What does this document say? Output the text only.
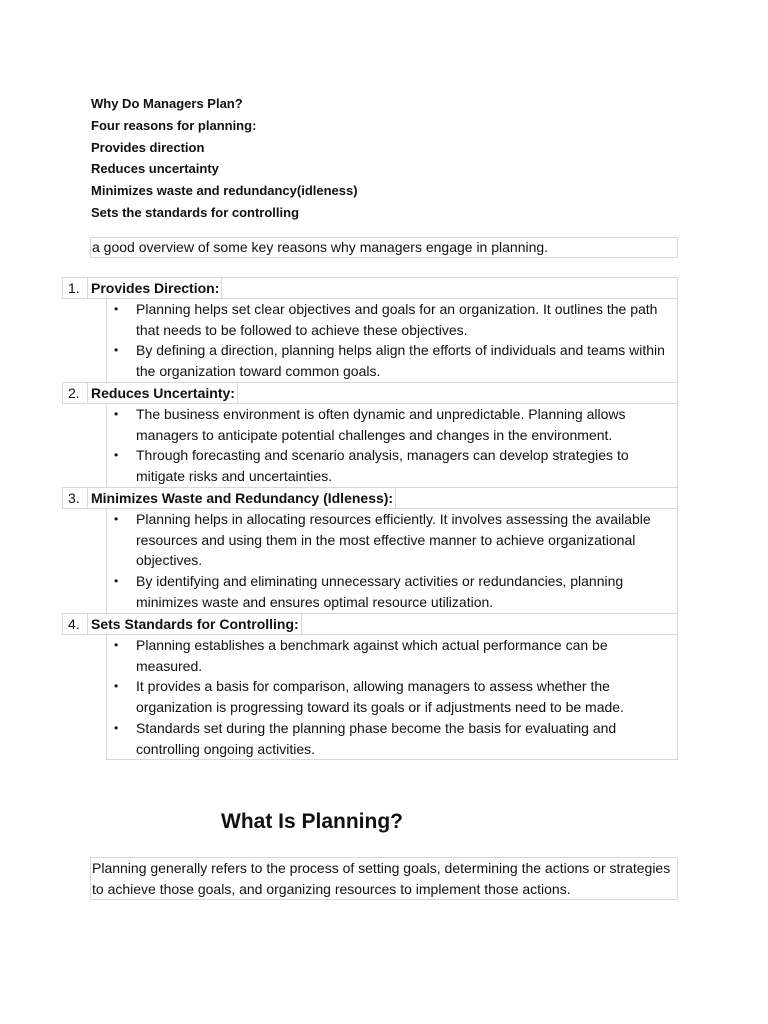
Why Do Managers Plan?
Four reasons for planning:
Provides direction
Reduces uncertainty
Minimizes waste and redundancy(idleness)
Sets the standards for controlling
a good overview of some key reasons why managers engage in planning.
1. Provides Direction:
• Planning helps set clear objectives and goals for an organization. It outlines the path that needs to be followed to achieve these objectives.
• By defining a direction, planning helps align the efforts of individuals and teams within the organization toward common goals.
2. Reduces Uncertainty:
• The business environment is often dynamic and unpredictable. Planning allows managers to anticipate potential challenges and changes in the environment.
• Through forecasting and scenario analysis, managers can develop strategies to mitigate risks and uncertainties.
3. Minimizes Waste and Redundancy (Idleness):
• Planning helps in allocating resources efficiently. It involves assessing the available resources and using them in the most effective manner to achieve organizational objectives.
• By identifying and eliminating unnecessary activities or redundancies, planning minimizes waste and ensures optimal resource utilization.
4. Sets Standards for Controlling:
• Planning establishes a benchmark against which actual performance can be measured.
• It provides a basis for comparison, allowing managers to assess whether the organization is progressing toward its goals or if adjustments need to be made.
• Standards set during the planning phase become the basis for evaluating and controlling ongoing activities.
What Is Planning?
Planning generally refers to the process of setting goals, determining the actions or strategies to achieve those goals, and organizing resources to implement those actions.
